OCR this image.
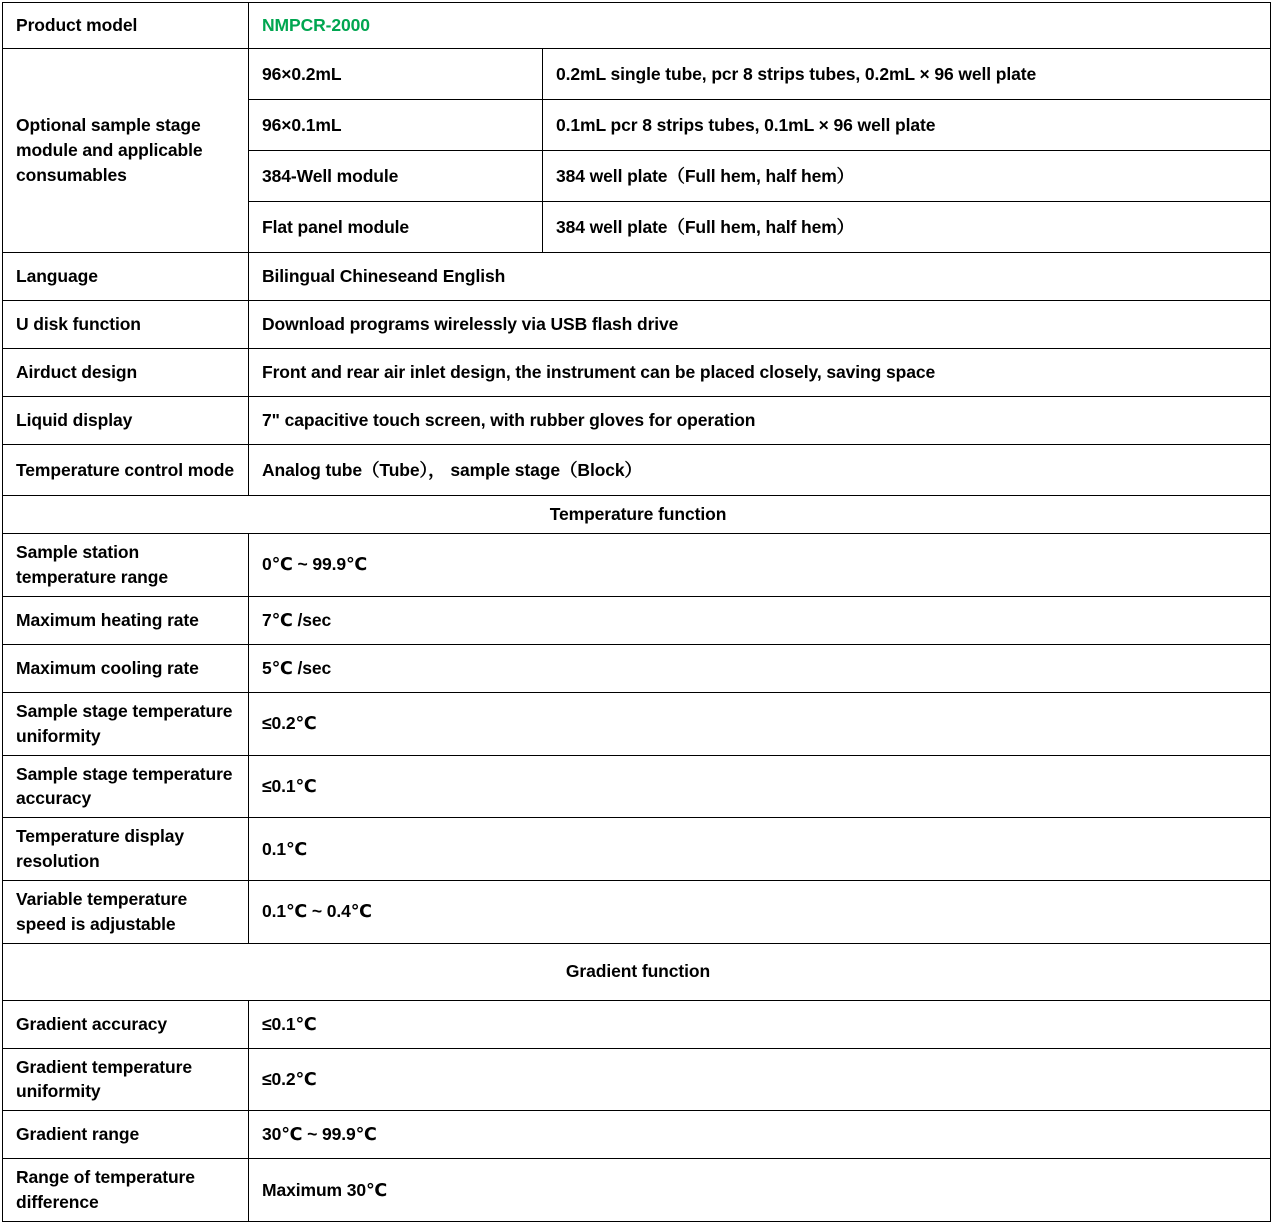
Product model	NMPCR-2000	
Optional sample stage module and applicable consumables	96×0.2mL	0.2mL single tube, pcr 8 strips tubes, 0.2mL × 96 well plate
	96×0.1mL	0.1mL pcr 8 strips tubes, 0.1mL × 96 well plate
	384-Well module	384 well plate（Full hem, half hem）
	Flat panel module	384 well plate（Full hem, half hem）
Language	Bilingual Chineseand English	
U disk function	Download programs wirelessly via USB flash drive	
Airduct design	Front and rear air inlet design, the instrument can be placed closely, saving space	
Liquid display	7" capacitive touch screen, with rubber gloves for operation	
Temperature control mode	Analog tube（Tube）， sample stage（Block）	
Temperature function		
Sample station temperature range	0℃ ~ 99.9℃	
Maximum heating rate	7℃ /sec	
Maximum cooling rate	5℃ /sec	
Sample stage temperature uniformity	≤0.2℃	
Sample stage temperature accuracy	≤0.1℃	
Temperature display resolution	0.1℃	
Variable temperature speed is adjustable	0.1℃ ~ 0.4℃	
Gradient function		
Gradient accuracy	≤0.1℃	
Gradient temperature uniformity	≤0.2℃	
Gradient range	30℃ ~ 99.9℃	
Range of temperature difference	Maximum 30℃	
